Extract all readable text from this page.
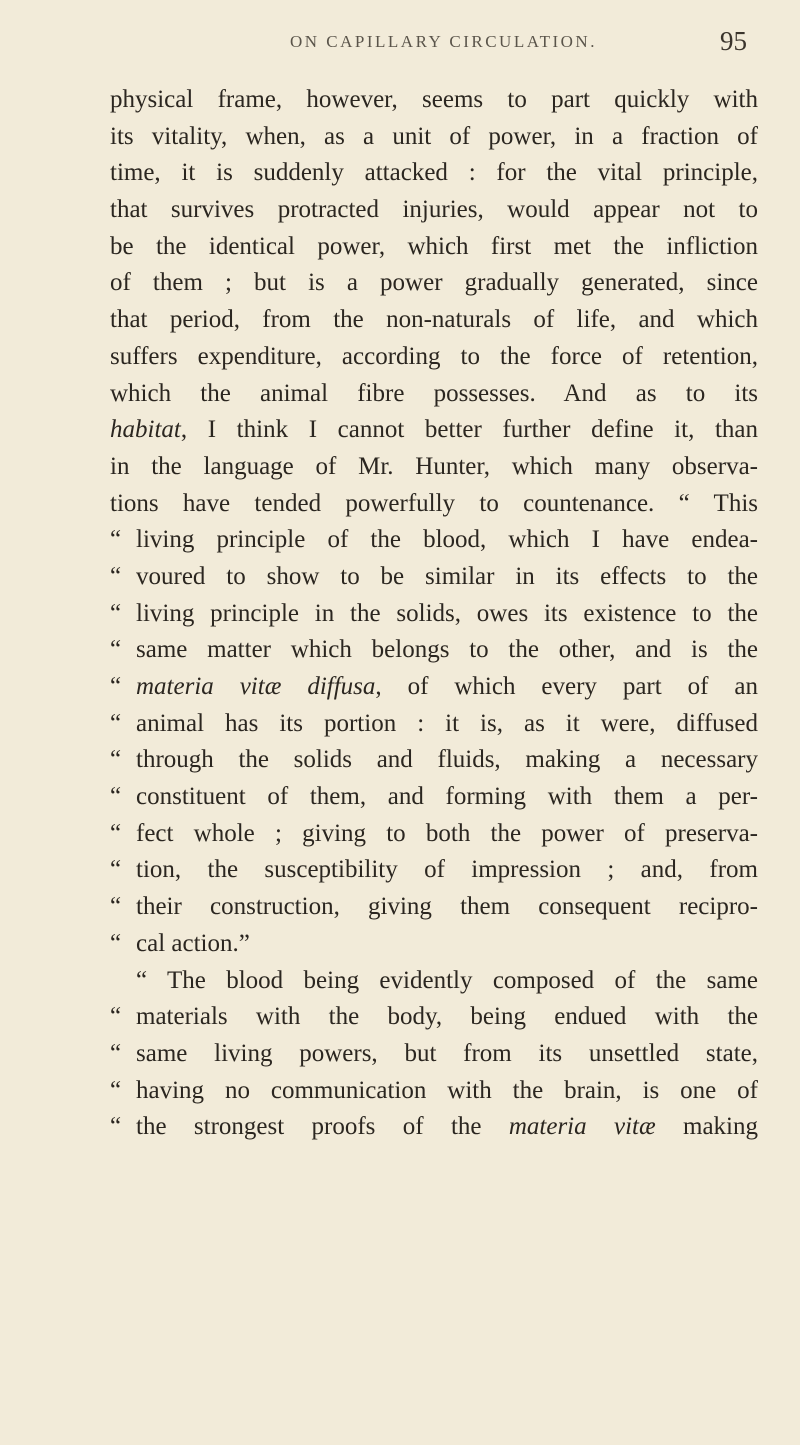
ON CAPILLARY CIRCULATION.	95
physical frame, however, seems to part quickly with
its vitality, when, as a unit of power, in a fraction of
time, it is suddenly attacked : for the vital principle,
that survives protracted injuries, would appear not to
be the identical power, which first met the infliction
of them ; but is a power gradually generated, since
that period, from the non-naturals of life, and which
suffers expenditure, according to the force of retention,
which the animal fibre possesses. And as to its
habitat, I think I cannot better further define it, than
in the language of Mr. Hunter, which many observa-
tions have tended powerfully to countenance. “ This
“ living principle of the blood, which I have endea-
“ voured to show to be similar in its effects to the
“ living principle in the solids, owes its existence to the
“ same matter which belongs to the other, and is the
“ materia vitæ diffusa, of which every part of an
“ animal has its portion : it is, as it were, diffused
“ through the solids and fluids, making a necessary
“ constituent of them, and forming with them a per-
“ fect whole ; giving to both the power of preserva-
“ tion, the susceptibility of impression ; and, from
“ their construction, giving them consequent recipro-
“ cal action.”
“ The blood being evidently composed of the same
“ materials with the body, being endued with the
“ same living powers, but from its unsettled state,
“ having no communication with the brain, is one of
“ the strongest proofs of the materia vitæ making
